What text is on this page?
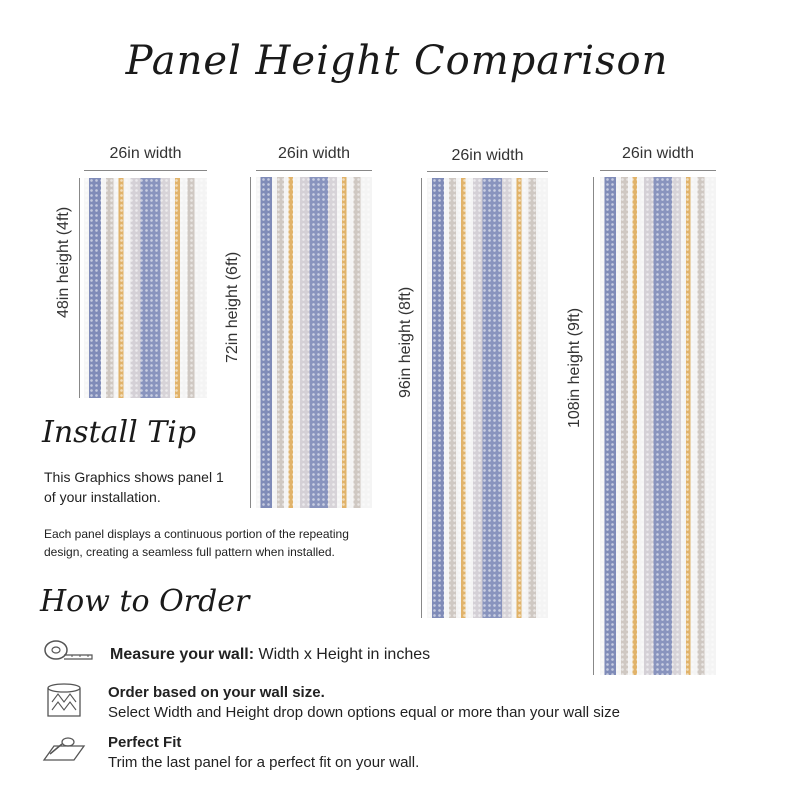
Panel Height Comparison
26in width
48in height (4ft)
26in width
72in height (6ft)
26in width
96in height (8ft)
26in width
108in height (9ft)
Install Tip
This Graphics shows panel 1
of your installation.
Each panel displays a continuous portion of the repeating
design, creating a seamless full pattern when installed.
How to Order
Measure your wall: Width x Height in inches
Order based on your wall size.
Select Width and Height drop down options equal or more than your wall size
Perfect Fit
Trim the last panel for a perfect fit on your wall.
